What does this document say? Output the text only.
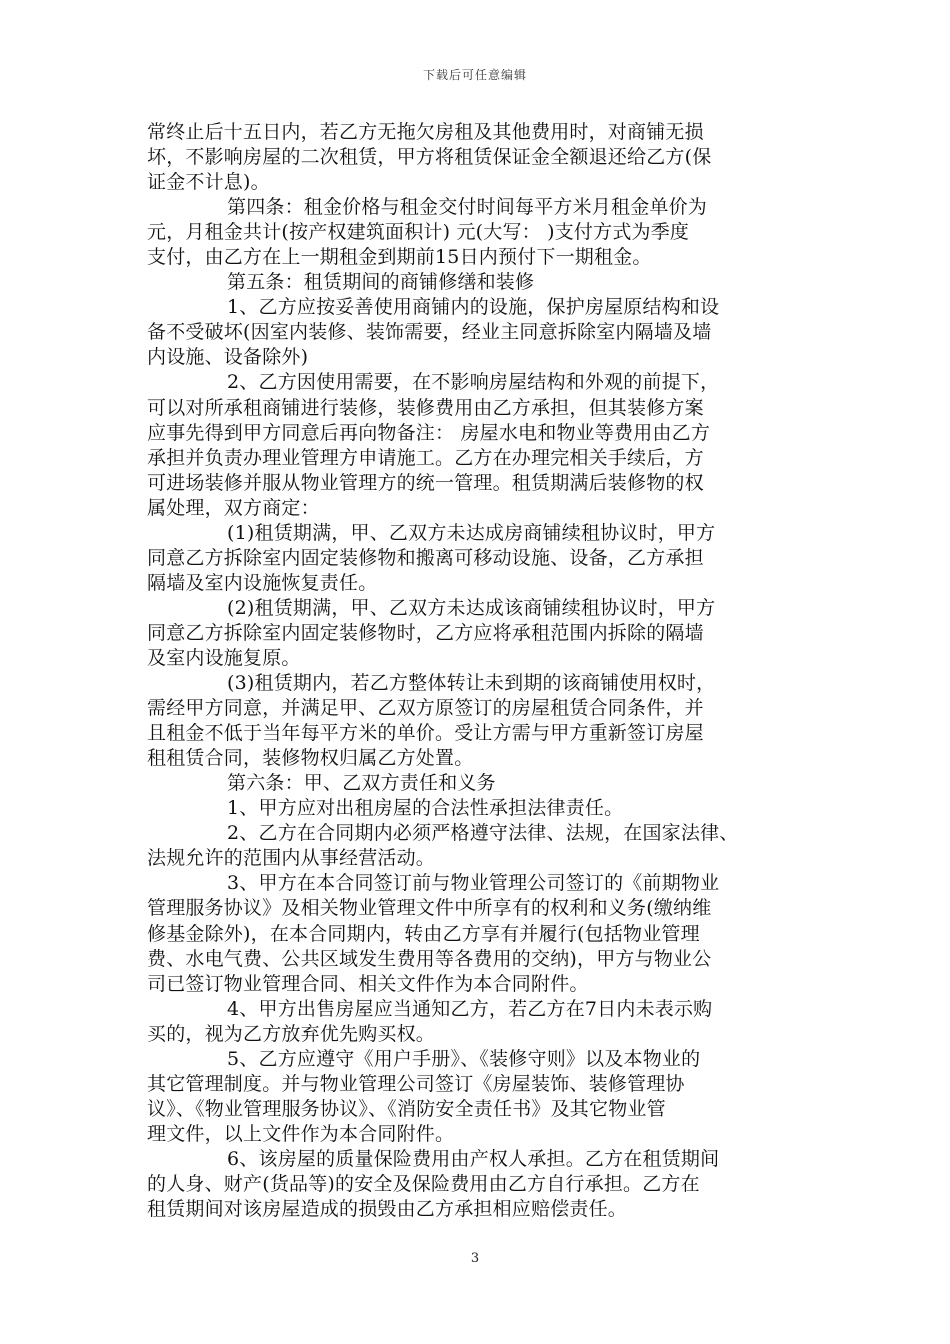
下载后可任意编辑
常终止后十五日内，若乙方无拖欠房租及其他费用时，对商铺无损
坏，不影响房屋的二次租赁，甲方将租赁保证金全额退还给乙方(保
证金不计息)。
第四条：租金价格与租金交付时间每平方米月租金单价为
元，月租金共计(按产权建筑面积计) 元(大写： )支付方式为季度
支付，由乙方在上一期租金到期前15日内预付下一期租金。
第五条：租赁期间的商铺修缮和装修
1、乙方应按妥善使用商铺内的设施，保护房屋原结构和设
备不受破坏(因室内装修、装饰需要，经业主同意拆除室内隔墙及墙
内设施、设备除外)
2、乙方因使用需要，在不影响房屋结构和外观的前提下，
可以对所承租商铺进行装修，装修费用由乙方承担，但其装修方案
应事先得到甲方同意后再向物备注： 房屋水电和物业等费用由乙方
承担并负责办理业管理方申请施工。乙方在办理完相关手续后，方
可进场装修并服从物业管理方的统一管理。租赁期满后装修物的权
属处理，双方商定：
(1)租赁期满，甲、乙双方未达成房商铺续租协议时，甲方
同意乙方拆除室内固定装修物和搬离可移动设施、设备，乙方承担
隔墙及室内设施恢复责任。
(2)租赁期满，甲、乙双方未达成该商铺续租协议时，甲方
同意乙方拆除室内固定装修物时，乙方应将承租范围内拆除的隔墙
及室内设施复原。
(3)租赁期内，若乙方整体转让未到期的该商铺使用权时，
需经甲方同意，并满足甲、乙双方原签订的房屋租赁合同条件，并
且租金不低于当年每平方米的单价。受让方需与甲方重新签订房屋
租租赁合同，装修物权归属乙方处置。
第六条：甲、乙双方责任和义务
1、甲方应对出租房屋的合法性承担法律责任。
2、乙方在合同期内必须严格遵守法律、法规，在国家法律、
法规允许的范围内从事经营活动。
3、甲方在本合同签订前与物业管理公司签订的《前期物业
管理服务协议》及相关物业管理文件中所享有的权利和义务(缴纳维
修基金除外)，在本合同期内，转由乙方享有并履行(包括物业管理
费、水电气费、公共区域发生费用等各费用的交纳)，甲方与物业公
司已签订物业管理合同、相关文件作为本合同附件。
4、甲方出售房屋应当通知乙方，若乙方在7日内未表示购
买的，视为乙方放弃优先购买权。
5、乙方应遵守《用户手册》、《装修守则》以及本物业的
其它管理制度。并与物业管理公司签订《房屋装饰、装修管理协
议》、《物业管理服务协议》、《消防安全责任书》及其它物业管
理文件，以上文件作为本合同附件。
6、该房屋的质量保险费用由产权人承担。乙方在租赁期间
的人身、财产(货品等)的安全及保险费用由乙方自行承担。乙方在
租赁期间对该房屋造成的损毁由乙方承担相应赔偿责任。
3
